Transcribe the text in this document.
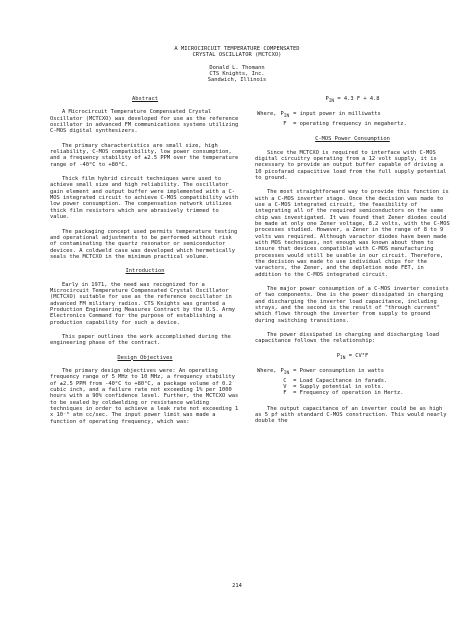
A MICROCIRCUIT TEMPERATURE COMPENSATED
CRYSTAL OSCILLATOR (MCTCXO)
Donald L. Thomann
CTS Knights, Inc.
Sandwich, Illinois
Abstract

A Microcircuit Temperature Compensated Crystal Oscillator (MCTCXO) was developed for use as the reference oscillator in advanced FM communications systems utilizing C-MOS digital synthesizers.

The primary characteristics are small size, high reliability, C-MOS compatibility, low power consumption, and a frequency stability of ±2.5 PPM over the temperature range of -40°C to +80°C.

Thick film hybrid circuit techniques were used to achieve small size and high reliability. The oscillator gain element and output buffer were implemented with a C-MOS integrated circuit to achieve C-MOS compatibility with low power consumption. The compensation network utilizes thick film resistors which are abrasively trimmed to value.

The packaging concept used permits temperature testing and operational adjustments to be performed without risk of contaminating the quartz resonator or semiconductor devices. A coldweld case was developed which hermetically seals the MCTCXO in the minimum practical volume.

Introduction

Early in 1971, the need was recognized for a Microcircuit Temperature Compensated Crystal Oscillator (MCTCXO) suitable for use as the reference oscillator in advanced FM military radios. CTS Knights was granted a Production Engineering Measures Contract by the U.S. Army Electronics Command for the purpose of establishing a production capability for such a device.

This paper outlines the work accomplished during the engineering phase of the contract.

Design Objectives

The primary design objectives were: An operating frequency range of 5 MHz to 10 MHz, a frequency stability of ±2.5 PPM from -40°C to +80°C, a package volume of 0.2 cubic inch, and a failure rate not exceeding 1% per 1000 hours with a 90% confidence level. Further, the MCTCXO was to be sealed by coldwelding or resistance welding techniques in order to achieve a leak rate not exceeding 1 x 10⁻⁸ atm cc/sec. The input power limit was made a function of operating frequency, which was:

$P_{IN} = 4.3$ F + 4.8
Where,	$P_{IN}$	= input power in milliwatts
	F	= operating frequency in megahertz.
C-MOS Power Consumption

Since the MCTCXO is required to interface with C-MOS digital circuitry operating from a 12 volt supply, it is necessary to provide an output buffer capable of driving a 10 picofarad capacitive load from the full supply potential to ground.

The most straightforward way to provide this function is with a C-MOS inverter stage. Once the decision was made to use a C-MOS integrated circuit, the feasibility of integrating all of the required semiconductors on the same chip was investigated. It was found that Zener diodes could be made at only one Zener voltage, 8.2 volts, with the C-MOS processes studied. However, a Zener in the range of 8 to 9 volts was required. Although varactor diodes have been made with MOS techniques, not enough was known about them to insure that devices compatible with C-MOS manufacturing processes would still be usable in our circuit. Therefore, the decision was made to use individual chips for the varactors, the Zener, and the depletion mode FET, in addition to the C-MOS integrated circuit.

The major power consumption of a C-MOS inverter consists of two components. One is the power dissipated in charging and discharging the inverter load capacitance, including strays, and the second is the result of "through current" which flows through the inverter from supply to ground during switching transitions.

The power dissipated in charging and discharging load capacitance follows the relationship:

$P_{IN} = CV^2F$
Where,	$P_{IN}$	= Power consumption in watts
	C	= Load Capacitance in farads.
	V	= Supply potential in volts.
	F	= Frequency of operation in Hertz.

The output capacitance of an inverter could be as high as 5 pf with standard C-MOS construction. This would nearly double the

214
